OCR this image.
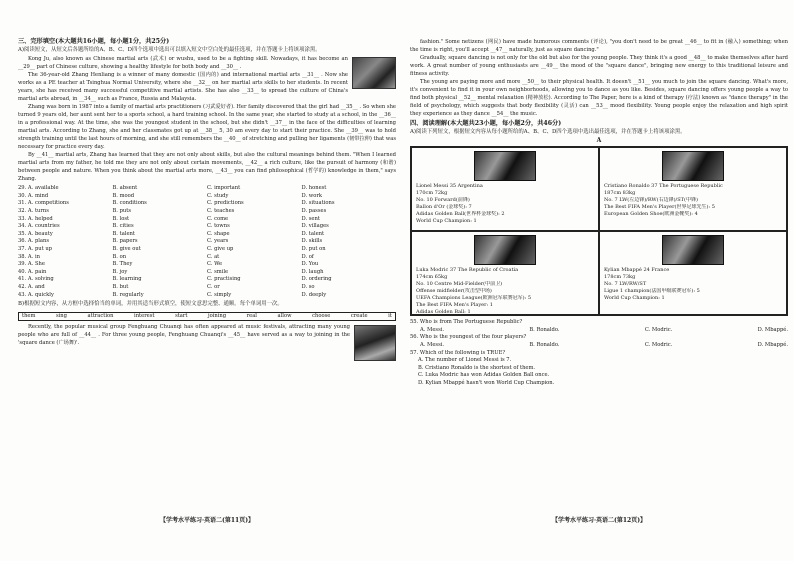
三、完形填空(本大题共16小题，每小题1分，共25分)

A)阅读短文，从短文后各题所给的A、B、C、D四个选项中选出可以填入短文中空白处的最佳选项，并在答题卡上将该项涂黑。

Kong Ju, also known as Chinese martial arts (武术) or wushu, used to be a fighting skill. Nowadays, it has become an __29__ part of Chinese culture, showing a healthy lifestyle for both body and __30__ .

The 36-year-old Zhang Henliang is a winner of many domestic (国内的) and international martial arts __31__ . Now she works as a PE teacher at Tsinghua Normal University, where she __32__ on her martial arts skills to her students. In recent years, she has received many successful competitive martial artists. She has also __33__ to spread the culture of China's martial arts abroad, in __34__ such as France, Russia and Malaysia.

Zhang was born in 1987 into a family of martial arts practitioners (习武爱好者). Her family discovered that the girl had __35__ . So when she turned 9 years old, her aunt sent her to a sports school, a hard training school. In the same year, she started to study at a school, in the __36__ in a professional way. At the time, she was the youngest student in the school, but she didn't __37__ in the face of the difficulties of learning martial arts. According to Zhang, she and her classmates got up at __38__ 5, 30 am every day to start their practice. She __39__ was to hold strength training until the last hours of morning, and she still remembers the __40__ of stretching and pulling her ligaments (韧带拉伸) that was necessary for practice every day.

By __41__ martial arts, Zhang has learned that they are not only about skills, but also the cultural meanings behind them. "When I learned martial arts from my father, he told me they are not only about certain movements, __42__ a rich culture, like the pursuit of harmony (和谐) between people and nature. When you think about the martial arts more, __43__ you can find philosophical (哲学的) knowledge in them," says Zhang.

29. A. available	B. absent	C. important	D. honest
30. A. mind	B. mood	C. study	D. work
31. A. competitions	B. conditions	C. predictions	D. situations
32. A. turns	B. puts	C. teaches	D. passes
33. A. helped	B. lost	C. come	D. sent
34. A. countries	B. cities	C. towns	D. villages
35. A. beauty	B. talent	C. shape	D. talent
36. A. plans	B. papers	C. years	D. skills
37. A. put up	B. give out	C. give up	D. put on
38. A. in	B. on	C. at	D. of
39. A. She	B. They	C. We	D. You
40. A. pain	B. joy	C. smile	D. laugh
41. A. solving	B. learning	C. practising	D. ordering
42. A. and	B. but	C. or	D. so
43. A. quickly	B. regularly	C. simply	D. deeply

B)根据短文内容，从方框中选择恰当的单词，并用其适当形式填空，使短文意思完整、通顺。每个单词用一次。

them	sing	attraction	interest	start	joining	real	allow	choose	create	it

Recently, the popular musical group Fenghuang Chuanqi has often appeared at music festivals, attracting many young people who are full of __44__ . For three young people, Fenghuang Chuanqi's __45__ have served as a way to joining in the 'square dance (广场舞)'.

【学考水平练习·英语二(第11页)】

fashion." Some netizens (网民) have made humorous comments (评论), "you don't need to be great __46__ to fit in (融入) something; when the time is right, you'll accept __47__ naturally, just as square dancing."

Gradually, square dancing is not only for the old but also for the young people. They think it's a good __48__ to make themselves after hard work. A great number of young enthusiasts are __49__ the mood of the "square dance", bringing new energy to this traditional leisure and fitness activity.

The young are paying more and more __50__ to their physical health. It doesn't __51__ you much to join the square dancing. What's more, it's convenient to find it in your own neighborhoods, allowing you to dance as you like. Besides, square dancing offers young people a way to find both physical __52__ mental relaxation (精神放松). According to The Paper, here is a kind of therapy (疗法) known as "dance therapy" in the field of psychology, which suggests that body flexibility (灵活) can __53__ mood flexibility. Young people enjoy the relaxation and high spirit they experience as they dance __54__ the music.

四、阅读理解(本大题共23小题，每小题2分，共46分)

A)阅读下列短文，根据短文内容从每小题所给的A、B、C、D四个选项中选出最佳选项，并在答题卡上将该项涂黑。

A

Lionel Messi 35 Argentina
170cm 72kg
No. 10 Forward(前锋)
Ballon d'Or (金球奖): 7
Adidas Golden Ball(世界杯金球奖): 2
World Cup Champion: 1
Cristiano Ronaldo 37 The Portuguese Republic
187cm 83kg
No. 7 LW(左边锋)/RW(右边锋)/ST(中锋)
The Best FIFA Men's Player(世界足球先生): 5
European Golden Shoe(欧洲金靴奖): 4
Luka Modric 37 The Republic of Croatia
174cm 65kg
No. 10 Centre Mid-Fielder(中前卫)
Offense midfielder(攻击型中场)
UEFA Champions League(欧洲冠军联赛冠军): 5
The Best FIFA Men's Player: 1
Adidas Golden Ball: 1
Kylian Mbappé 24 France
178cm 73kg
No. 7 LW/RW/ST
Ligue 1 champion(法国甲级联赛冠军): 5
World Cup Champion: 1

55. Who is from The Portuguese Republic?

A. Messi.	B. Ronaldo.	C. Modric.	D. Mbappé.

56. Who is the youngest of the four players?

A. Messi.	B. Ronaldo.	C. Modric.	D. Mbappé.

57. Which of the following is TRUE?

A. The number of Lionel Messi is 7.
B. Cristiano Ronaldo is the shortest of them.
C. Luka Modric has won Adidas Golden Ball once.
D. Kylian Mbappé hasn't won World Cup Champion.
【学考水平练习·英语二(第12页)】
